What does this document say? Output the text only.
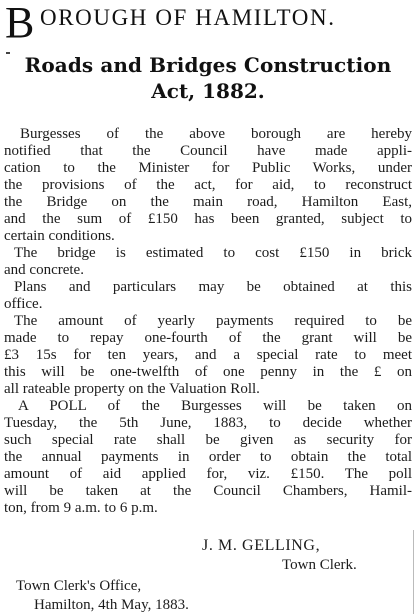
B OROUGH OF HAMILTON.
Roads and Bridges Construction
Act, 1882.
Burgesses of the above borough are hereby
notified that the Council have made appli-
cation to the Minister for Public Works, under
the provisions of the act, for aid, to reconstruct
the Bridge on the main road, Hamilton East,
and the sum of £150 has been granted, subject to
certain conditions.
The bridge is estimated to cost £150 in brick
and concrete.
Plans and particulars may be obtained at this
office.
The amount of yearly payments required to be
made to repay one-fourth of the grant will be
£3 15s for ten years, and a special rate to meet
this will be one-twelfth of one penny in the £ on
all rateable property on the Valuation Roll.
A POLL of the Burgesses will be taken on
Tuesday, the 5th June, 1883, to decide whether
such special rate shall be given as security for
the annual payments in order to obtain the total
amount of aid applied for, viz. £150. The poll
will be taken at the Council Chambers, Hamil-
ton, from 9 a.m. to 6 p.m.
J. M. GELLING,
Town Clerk.
Town Clerk's Office,
Hamilton, 4th May, 1883.
